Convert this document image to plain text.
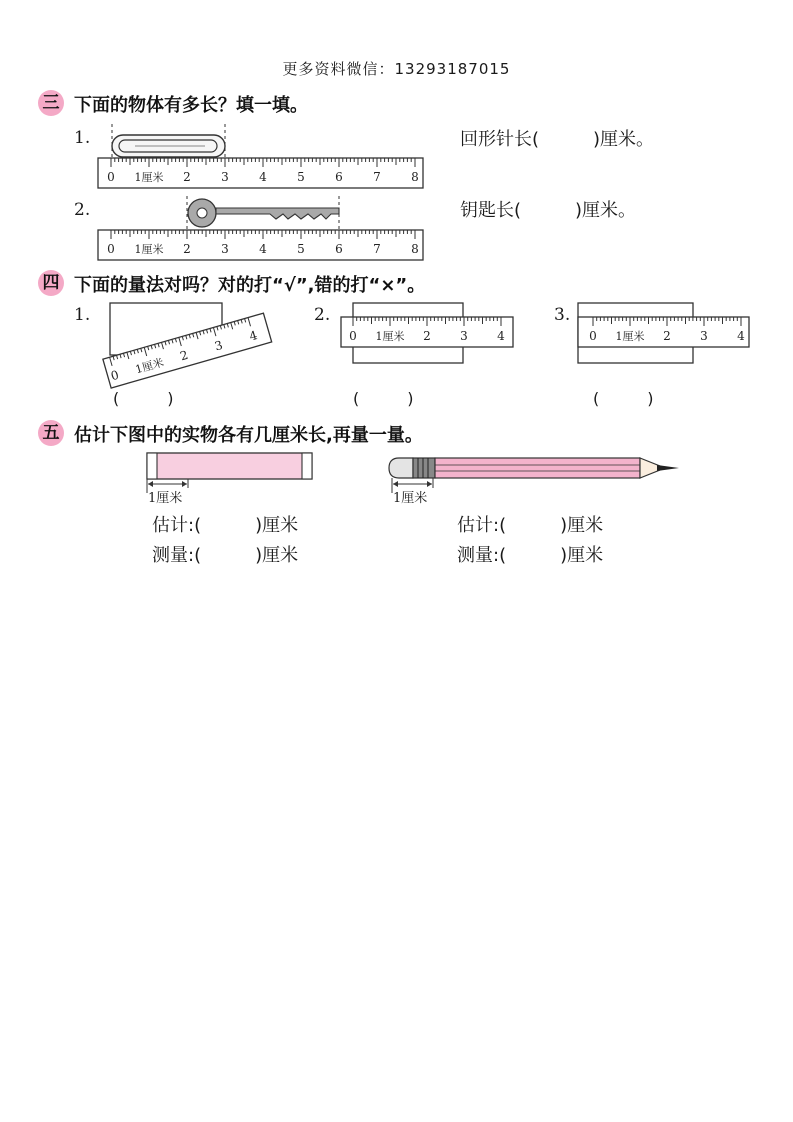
更多资料微信：13293187015
三 下面的物体有多长？填一填。
1.
2.
0 1厘米 2	3	4	5	6	7	8
回形针长(　　　)厘米。
0 1厘米 2	3	4	5	6	7	8
钥匙长(　　　)厘米。
四 下面的量法对吗？对的打“√”,错的打“×”。
1.	2.	3.
0 1厘米
2
3
4	0 1厘米 2 3 4	0 1厘米 2 3 4
(　　　)	(　　　)	(　　　)
五 估计下图中的实物各有几厘米长,再量一量。
1厘米	1厘米
估计:(　　　)厘米
测量:(　　　)厘米
估计:(　　　)厘米
测量:(　　　)厘米
